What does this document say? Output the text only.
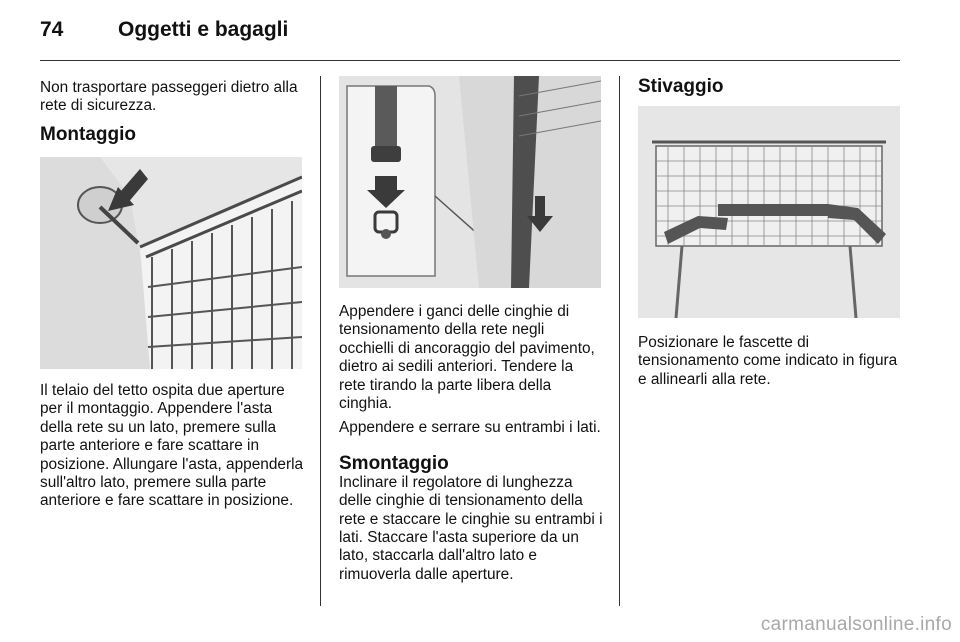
74	Oggetti e bagagli

Non trasportare passeggeri dietro alla rete di sicurezza.

Montaggio

Il telaio del tetto ospita due aperture per il montaggio. Appendere l'asta della rete su un lato, premere sulla parte anteriore e fare scattare in posizione. Allungare l'asta, appenderla sull'altro lato, premere sulla parte anteriore e fare scattare in posizione.

Appendere i ganci delle cinghie di tensionamento della rete negli occhielli di ancoraggio del pavimento, dietro ai sedili anteriori. Tendere la rete tirando la parte libera della cinghia.

Appendere e serrare su entrambi i lati.

Smontaggio

Inclinare il regolatore di lunghezza delle cinghie di tensionamento della rete e staccare le cinghie su entrambi i lati. Staccare l'asta superiore da un lato, staccarla dall'altro lato e rimuoverla dalle aperture.

Stivaggio

Posizionare le fascette di tensionamento come indicato in figura e allinearli alla rete.

carmanualsonline.info
